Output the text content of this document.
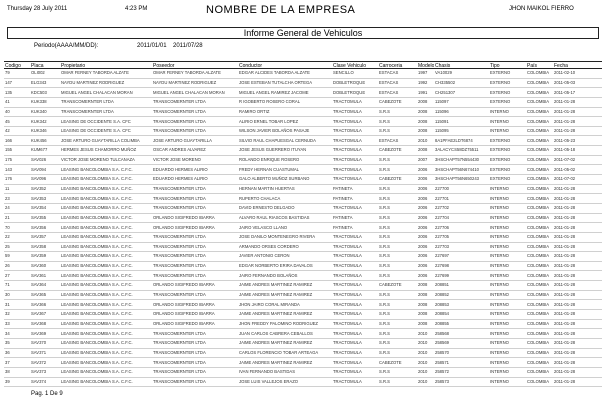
Thursday 28 July 2011	4:23 PM	NOMBRE DE LA EMPRESA	JHON MAIKOL FIERRO
Informe General de Vehiculos
Periodo(AAAA/MM/DD):	2011/01/01 2011/07/28
Codigo	Placa	Propietario	Poseedor	Conductor	Clase Vehiculo	Carroceria	Modelo	Chasis	Tipo	País	Fecha
79	OLI002	OMAR FERNEY TABORDA ALZATE	OMAR FERNEY TABORDA ALZATE	EDGAR ALCIDES TABORDA ALZATE	SENCILLO	ESTACAS	1997	VA10029	EXTERNO	COLOMBIA	2011-02-10
147	ELG343	NAYDU MARTINEZ RODRIGUEZ	NAYDU MARTINEZ RODRIGUEZ	JOSE ESTEBAN TUTALCHA ORTEGA	DOBLETROQUE	ESTACAS	1992	CH335502	EXTERNO	COLOMBIA	2011-05-03
135	KDC503	MIGUEL ANGEL CHALACAN MORAN	MIGUEL ANGEL CHALACAN MORAN	MIGUEL ANGEL RAMIREZ JACOME	DOBLETROQUE	ESTACAS	1991	CH251307	EXTERNO	COLOMBIA	2011-05-17
41	KUK338	TRANSCOMERNTER LTDA	TRANSCOMERNTER LTDA	R IGOBERTO ROSERO CORAL	TRACTOMULA	CABEZOTE	2008	115097	EXTERNO	COLOMBIA	2011-01-28
40	KUK340	TRANSCOMERNTER LTDA	TRANSCOMERNTER LTDA	RAMIRO ORTIZ	TRACTOMULA	S.R.S	2008	115096	INTERNO	COLOMBIA	2011-01-28
45	KUK342	LEASING DE OCCIDENTE S.A. CFC	TRANSCOMERNTER LTDA	ALIRIO ERNEL TOBAR LOPEZ	TRACTOMULA	S.R.S	2008	115091	INTERNO	COLOMBIA	2011-01-28
42	KUK346	LEASING DE OCCIDENTE S.A. CFC	TRANSCOMERNTER LTDA	WILSON JAVIER BOLAÑOS PASAJE	TRACTOMULA	S.R.S	2008	115095	INTERNO	COLOMBIA	2011-01-28
166	KUK456	JOSE ARTURO GUAYTARILLA COLIMBA	JOSE ARTURO GUAYTARILLA	SILVIO RAUL CHAPUESGAL CERNUDA	TRACTOMULA	ESTACAS	2010	8A1PFAE2LDT6874	EXTERNO	COLOMBIA	2011-05-23
155	KUM677	HERMES JESUS CHAMORRO MUÑOZ	OSCAR ANDRES ALVAREZ	JOSE JESUS GUERRERO ITUYAN	TRACTOMULA	CABEZOTE	2008	3ALACYCS58DZ75511	EXTERNO	COLOMBIA	2011-05-18
175	SAV026	VICTOR JOSE MORENO TULCANAZA	VICTOR JOSE MORENO	ROLANDO ENRIQUE ROSERO	TRACTOMULA	S.R.S	2007	3HSCHAPT57N554430	EXTERNO	COLOMBIA	2011-07-02
143	SAV094	LEASING BANCOLOMBIA S.A. C.F.C.	EDUARDO HERMES ALIRIO	FREDY HERNAN CUASTUMAL	TRACTOMULA	S.R.S	2006	3HSCHAPT56N674410	EXTERNO	COLOMBIA	2011-05-02
176	SAV096	LEASING BANCOLOMBIA S.A. C.F.C.	EDUARDO HERMES ALIRIO	GALO ALBERTO MUÑOZ SURBANO	TRACTOMULA	CABEZOTE	2006	3HSCHAPT56N650243	EXTERNO	COLOMBIA	2011-07-02
11	SAV352	LEASING BANCOLOMBIA S.A. C.F.C.	TRANSCOMERNTER LTDA	HERNAN MARTIN HUERTAS	PATINETA	S.R.S	2006	227700	INTERNO	COLOMBIA	2011-01-28
23	SAV353	LEASING BANCOLOMBIA S.A. C.F.C.	TRANSCOMERNTER LTDA	RUPERTO CHALACA	PATINETA	S.R.S	2006	227701	INTERNO	COLOMBIA	2011-01-28
24	SAV354	LEASING BANCOLOMBIA S.A. C.F.C.	TRANSCOMERNTER LTDA	DAVID ERNESTO DELGADO	TRACTOMULA	S.R.S	2006	227702	INTERNO	COLOMBIA	2011-01-28
21	SAV355	LEASING BANCOLOMBIA S.A. C.F.C.	ORLANDO SIGIFREDO IBARRA	ALVARO RAUL RIASCOS BASTIDAS	PATINETA	S.R.S	2006	227704	INTERNO	COLOMBIA	2011-01-28
70	SAV356	LEASING BANCOLOMBIA S.A. C.F.C.	ORLANDO SIGIFREDO IBARRA	JAIRO VELASCO LLANO	PATINETA	S.R.S	2006	227706	INTERNO	COLOMBIA	2011-01-28
22	SAV357	LEASING BANCOLOMBIA S.A. C.F.C.	TRANSCOMERNTER LTDA	JOSE DANILO MONTENEGRO RIVERA	TRACTOMULA	S.R.S	2006	227705	INTERNO	COLOMBIA	2011-01-28
25	SAV358	LEASING BANCOLOMBIA S.A. C.F.C.	TRANSCOMERNTER LTDA	ARMANDO ORSES CORDERO	TRACTOMULA	S.R.S	2006	227703	INTERNO	COLOMBIA	2011-01-28
59	SAV359	LEASING BANCOLOMBIA S.A. C.F.C.	TRANSCOMERNTER LTDA	JAVIER ANTONIO CERON	TRACTOMULA	S.R.S	2006	227697	INTERNO	COLOMBIA	2011-01-28
26	SAV360	LEASING BANCOLOMBIA S.A. C.F.C.	TRANSCOMERNTER LTDA	EDGAR NORBERTO ERIRA DAVALOS	TRACTOMULA	S.R.S	2006	227698	INTERNO	COLOMBIA	2011-01-28
27	SAV361	LEASING BANCOLOMBIA S.A. C.F.C.	TRANSCOMERNTER LTDA	JAIRO FERNANDO BOLAÑOS	TRACTOMULA	S.R.S	2006	227699	INTERNO	COLOMBIA	2011-01-28
71	SAV364	LEASING BANCOLOMBIA S.A. C.F.C.	ORLANDO SIGIFREDO IBARRA	JAIME ANDRES MARTINEZ RAMIREZ	TRACTOMULA	CABEZOTE	2008	208851	INTERNO	COLOMBIA	2011-01-28
30	SAV365	LEASING BANCOLOMBIA S.A. C.F.C.	TRANSCOMERNTER LTDA	JAIME ANDRES MARTINEZ RAMIREZ	TRACTOMULA	S.R.S	2008	208852	INTERNO	COLOMBIA	2011-01-28
31	SAV366	LEASING BANCOLOMBIA S.A. C.F.C.	ORLANDO SIGIFREDO IBARRA	JHON JAIRO CORAL MIRANDA	TRACTOMULA	S.R.S	2008	208853	INTERNO	COLOMBIA	2011-01-28
32	SAV367	LEASING BANCOLOMBIA S.A. C.F.C.	ORLANDO SIGIFREDO IBARRA	JAIME ANDRES MARTINEZ RAMIREZ	TRACTOMULA	S.R.S	2008	208854	INTERNO	COLOMBIA	2011-01-28
33	SAV368	LEASING BANCOLOMBIA S.A. C.F.C.	ORLANDO SIGIFREDO IBARRA	JHON FREDDY PALOMINO RODRIGUEZ	TRACTOMULA	S.R.S	2008	208855	INTERNO	COLOMBIA	2011-01-28
34	SAV369	LEASING BANCOLOMBIA S.A. C.F.C.	TRANSCOMERNTER LTDA	JUAN CARLOS CABRERA CEBALLOS	TRACTOMULA	S.R.S	2010	258568	INTERNO	COLOMBIA	2011-01-28
35	SAV370	LEASING BANCOLOMBIA S.A. C.F.C.	TRANSCOMERNTER LTDA	JAIME ANDRES MARTINEZ RAMIREZ	TRACTOMULA	S.R.S	2010	258569	INTERNO	COLOMBIA	2011-01-28
36	SAV371	LEASING BANCOLOMBIA S.A. C.F.C.	TRANSCOMERNTER LTDA	CARLOS FLORENCIO TOBAR ARTEAGA	TRACTOMULA	S.R.S	2010	258570	INTERNO	COLOMBIA	2011-01-28
37	SAV372	LEASING BANCOLOMBIA S.A. C.F.C.	TRANSCOMERNTER LTDA	JAIME ANDRES MARTINEZ RAMIREZ	TRACTOMULA	CABEZOTE	2010	258571	INTERNO	COLOMBIA	2011-01-28
38	SAV373	LEASING BANCOLOMBIA S.A. C.F.C.	TRANSCOMERNTER LTDA	IVAN FERNANDO BASTIDAS	TRACTOMULA	S.R.S	2010	258572	INTERNO	COLOMBIA	2011-01-28
39	SAV374	LEASING BANCOLOMBIA S.A. C.F.C.	TRANSCOMERNTER LTDA	JOSE LUIS VALLEJOS ERAZO	TRACTOMULA	S.R.S	2010	258573	INTERNO	COLOMBIA	2011-01-28
Pag. 1 De 9
